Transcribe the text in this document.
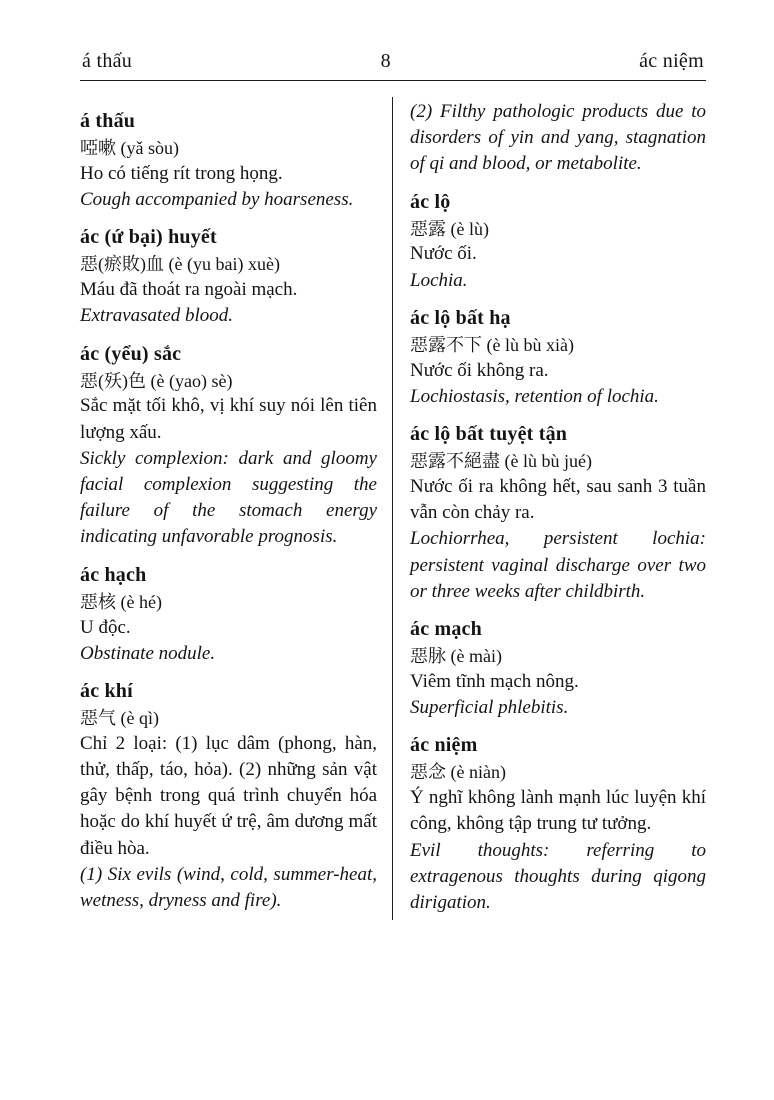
á thấu	8	ác niệm
á thấu
啞嗽 (yǎ sòu)
Ho có tiếng rít trong họng.
Cough accompanied by hoarseness.
ác (ứ bại) huyết
惡(瘀敗)血 (è (yu bai) xuè)
Máu đã thoát ra ngoài mạch.
Extravasated blood.
ác (yểu) sắc
惡(殀)色 (è (yao) sè)
Sắc mặt tối khô, vị khí suy nói lên tiên lượng xấu.
Sickly complexion: dark and gloomy facial complexion suggesting the failure of the stomach energy indicating unfavorable prognosis.
ác hạch
惡核 (è hé)
U độc.
Obstinate nodule.
ác khí
惡气 (è qì)
Chỉ 2 loại: (1) lục dâm (phong, hàn, thử, thấp, táo, hỏa). (2) những sản vật gây bệnh trong quá trình chuyển hóa hoặc do khí huyết ứ trệ, âm dương mất điều hòa.
(1) Six evils (wind, cold, summer-heat, wetness, dryness and fire).
(2) Filthy pathologic products due to disorders of yin and yang, stagnation of qi and blood, or metabolite.
ác lộ
惡露 (è lù)
Nước ối.
Lochia.
ác lộ bất hạ
惡露不下 (è lù bù xià)
Nước ối không ra.
Lochiostasis, retention of lochia.
ác lộ bất tuyệt tận
惡露不絕盡 (è lù bù jué)
Nước ối ra không hết, sau sanh 3 tuần vẫn còn chảy ra.
Lochiorrhea, persistent lochia: persistent vaginal discharge over two or three weeks after childbirth.
ác mạch
惡脉 (è mài)
Viêm tĩnh mạch nông.
Superficial phlebitis.
ác niệm
惡念 (è niàn)
Ý nghĩ không lành mạnh lúc luyện khí công, không tập trung tư tưởng.
Evil thoughts: referring to extragenous thoughts during qigong dirigation.
